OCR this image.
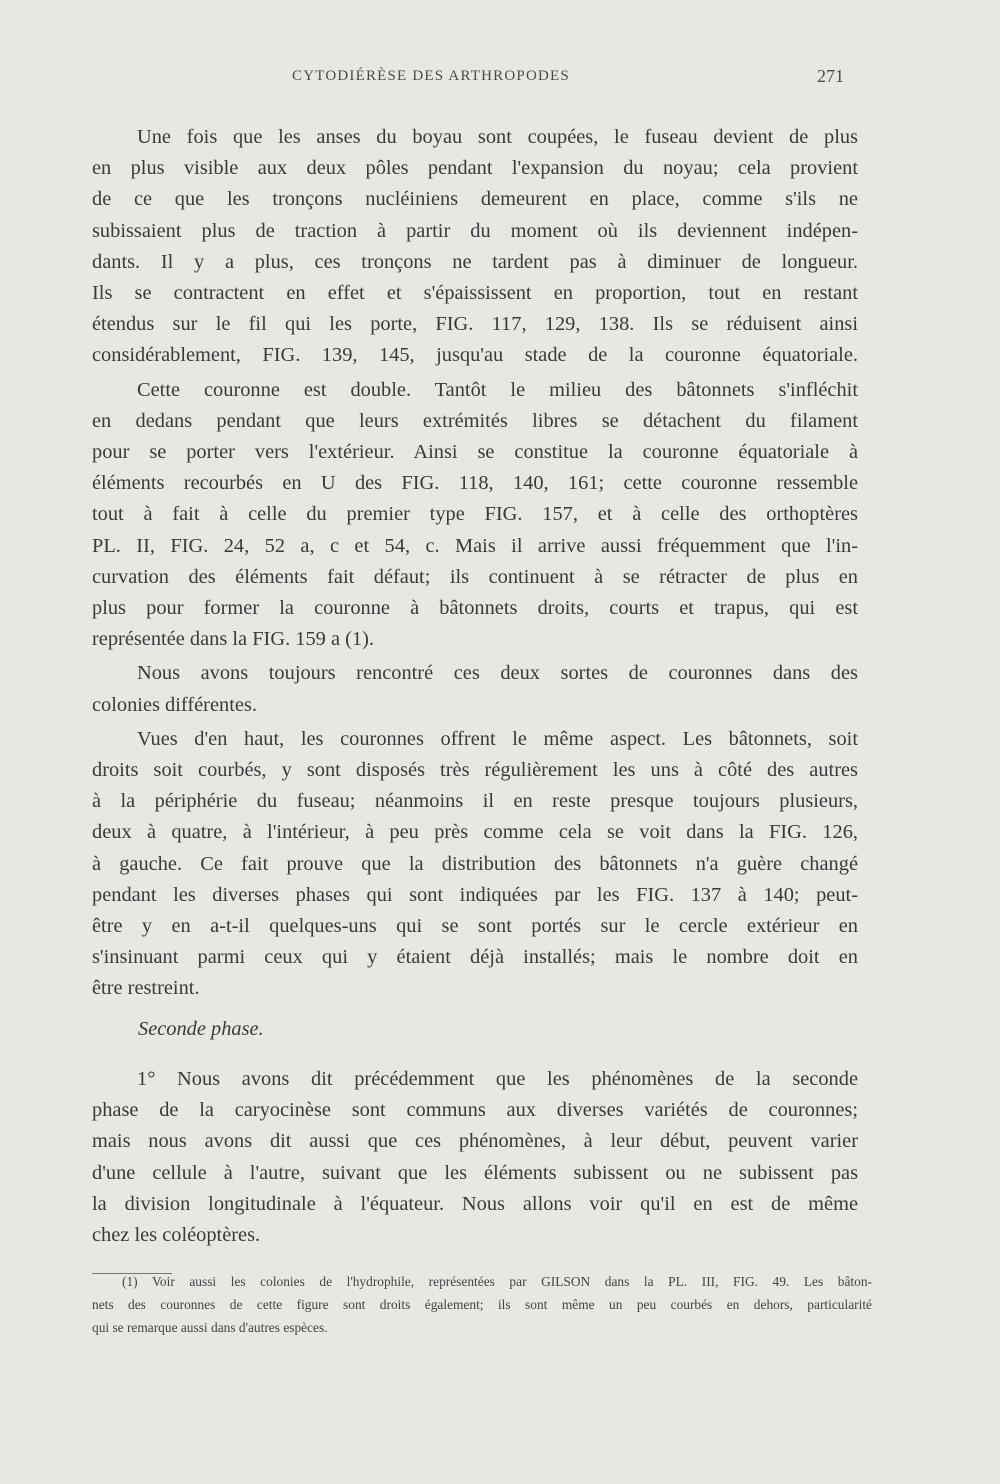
CYTODIÉRÈSE DES ARTHROPODES	271

Une fois que les anses du boyau sont coupées, le fuseau devient de plus
en plus visible aux deux pôles pendant l'expansion du noyau; cela provient
de ce que les tronçons nucléiniens demeurent en place, comme s'ils ne
subissaient plus de traction à partir du moment où ils deviennent indépen-
dants. Il y a plus, ces tronçons ne tardent pas à diminuer de longueur.
Ils se contractent en effet et s'épaississent en proportion, tout en restant
étendus sur le fil qui les porte, FIG. 117, 129, 138. Ils se réduisent ainsi
considérablement, FIG. 139, 145, jusqu'au stade de la couronne équatoriale.

Cette couronne est double. Tantôt le milieu des bâtonnets s'infléchit
en dedans pendant que leurs extrémités libres se détachent du filament
pour se porter vers l'extérieur. Ainsi se constitue la couronne équatoriale à
éléments recourbés en U des FIG. 118, 140, 161; cette couronne ressemble
tout à fait à celle du premier type FIG. 157, et à celle des orthoptères
PL. II, FIG. 24, 52 a, c et 54, c. Mais il arrive aussi fréquemment que l'in-
curvation des éléments fait défaut; ils continuent à se rétracter de plus en
plus pour former la couronne à bâtonnets droits, courts et trapus, qui est
représentée dans la FIG. 159 a (1).

Nous avons toujours rencontré ces deux sortes de couronnes dans des
colonies différentes.

Vues d'en haut, les couronnes offrent le même aspect. Les bâtonnets, soit
droits soit courbés, y sont disposés très régulièrement les uns à côté des autres
à la périphérie du fuseau; néanmoins il en reste presque toujours plusieurs,
deux à quatre, à l'intérieur, à peu près comme cela se voit dans la FIG. 126,
à gauche. Ce fait prouve que la distribution des bâtonnets n'a guère changé
pendant les diverses phases qui sont indiquées par les FIG. 137 à 140; peut-
être y en a-t-il quelques-uns qui se sont portés sur le cercle extérieur en
s'insinuant parmi ceux qui y étaient déjà installés; mais le nombre doit en
être restreint.

Seconde phase.

1° Nous avons dit précédemment que les phénomènes de la seconde
phase de la caryocinèse sont communs aux diverses variétés de couronnes;
mais nous avons dit aussi que ces phénomènes, à leur début, peuvent varier
d'une cellule à l'autre, suivant que les éléments subissent ou ne subissent pas
la division longitudinale à l'équateur. Nous allons voir qu'il en est de même
chez les coléoptères.

(1) Voir aussi les colonies de l'hydrophile, représentées par GILSON dans la PL. III, FIG. 49. Les bâton-
nets des couronnes de cette figure sont droits également; ils sont même un peu courbés en dehors, particularité
qui se remarque aussi dans d'autres espèces.
